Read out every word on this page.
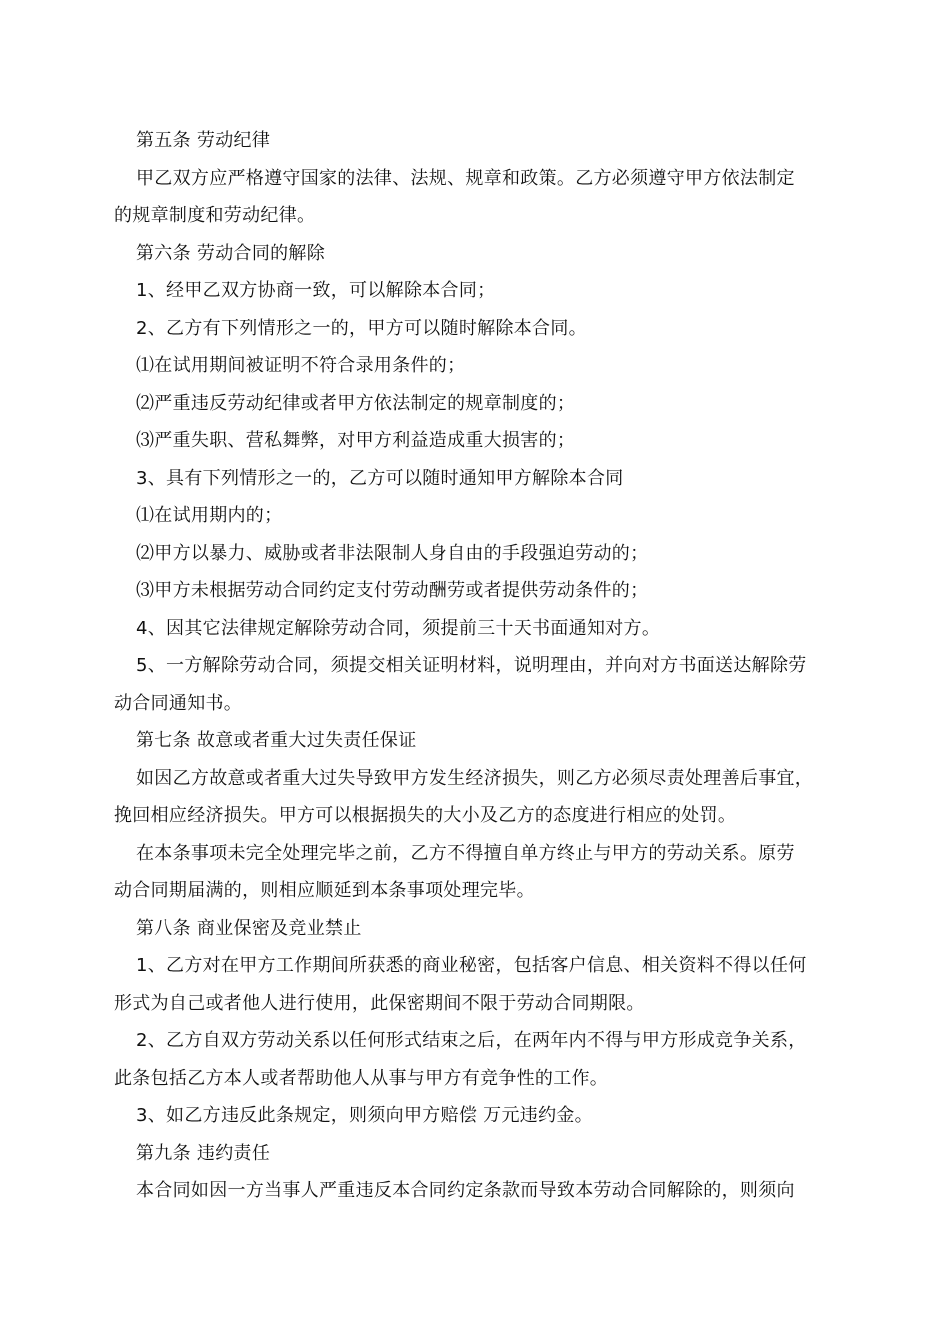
第五条 劳动纪律
甲乙双方应严格遵守国家的法律、法规、规章和政策。乙方必须遵守甲方依法制定
的规章制度和劳动纪律。
第六条 劳动合同的解除
1、经甲乙双方协商一致，可以解除本合同；
2、乙方有下列情形之一的，甲方可以随时解除本合同。
⑴在试用期间被证明不符合录用条件的；
⑵严重违反劳动纪律或者甲方依法制定的规章制度的；
⑶严重失职、营私舞弊，对甲方利益造成重大损害的；
3、具有下列情形之一的，乙方可以随时通知甲方解除本合同
⑴在试用期内的；
⑵甲方以暴力、威胁或者非法限制人身自由的手段强迫劳动的；
⑶甲方未根据劳动合同约定支付劳动酬劳或者提供劳动条件的；
4、因其它法律规定解除劳动合同，须提前三十天书面通知对方。
5、一方解除劳动合同，须提交相关证明材料，说明理由，并向对方书面送达解除劳
动合同通知书。
第七条 故意或者重大过失责任保证
如因乙方故意或者重大过失导致甲方发生经济损失，则乙方必须尽责处理善后事宜，
挽回相应经济损失。甲方可以根据损失的大小及乙方的态度进行相应的处罚。
在本条事项未完全处理完毕之前，乙方不得擅自单方终止与甲方的劳动关系。原劳
动合同期届满的，则相应顺延到本条事项处理完毕。
第八条 商业保密及竞业禁止
1、乙方对在甲方工作期间所获悉的商业秘密，包括客户信息、相关资料不得以任何
形式为自己或者他人进行使用，此保密期间不限于劳动合同期限。
2、乙方自双方劳动关系以任何形式结束之后，在两年内不得与甲方形成竞争关系，
此条包括乙方本人或者帮助他人从事与甲方有竞争性的工作。
3、如乙方违反此条规定，则须向甲方赔偿 万元违约金。
第九条 违约责任
本合同如因一方当事人严重违反本合同约定条款而导致本劳动合同解除的，则须向
